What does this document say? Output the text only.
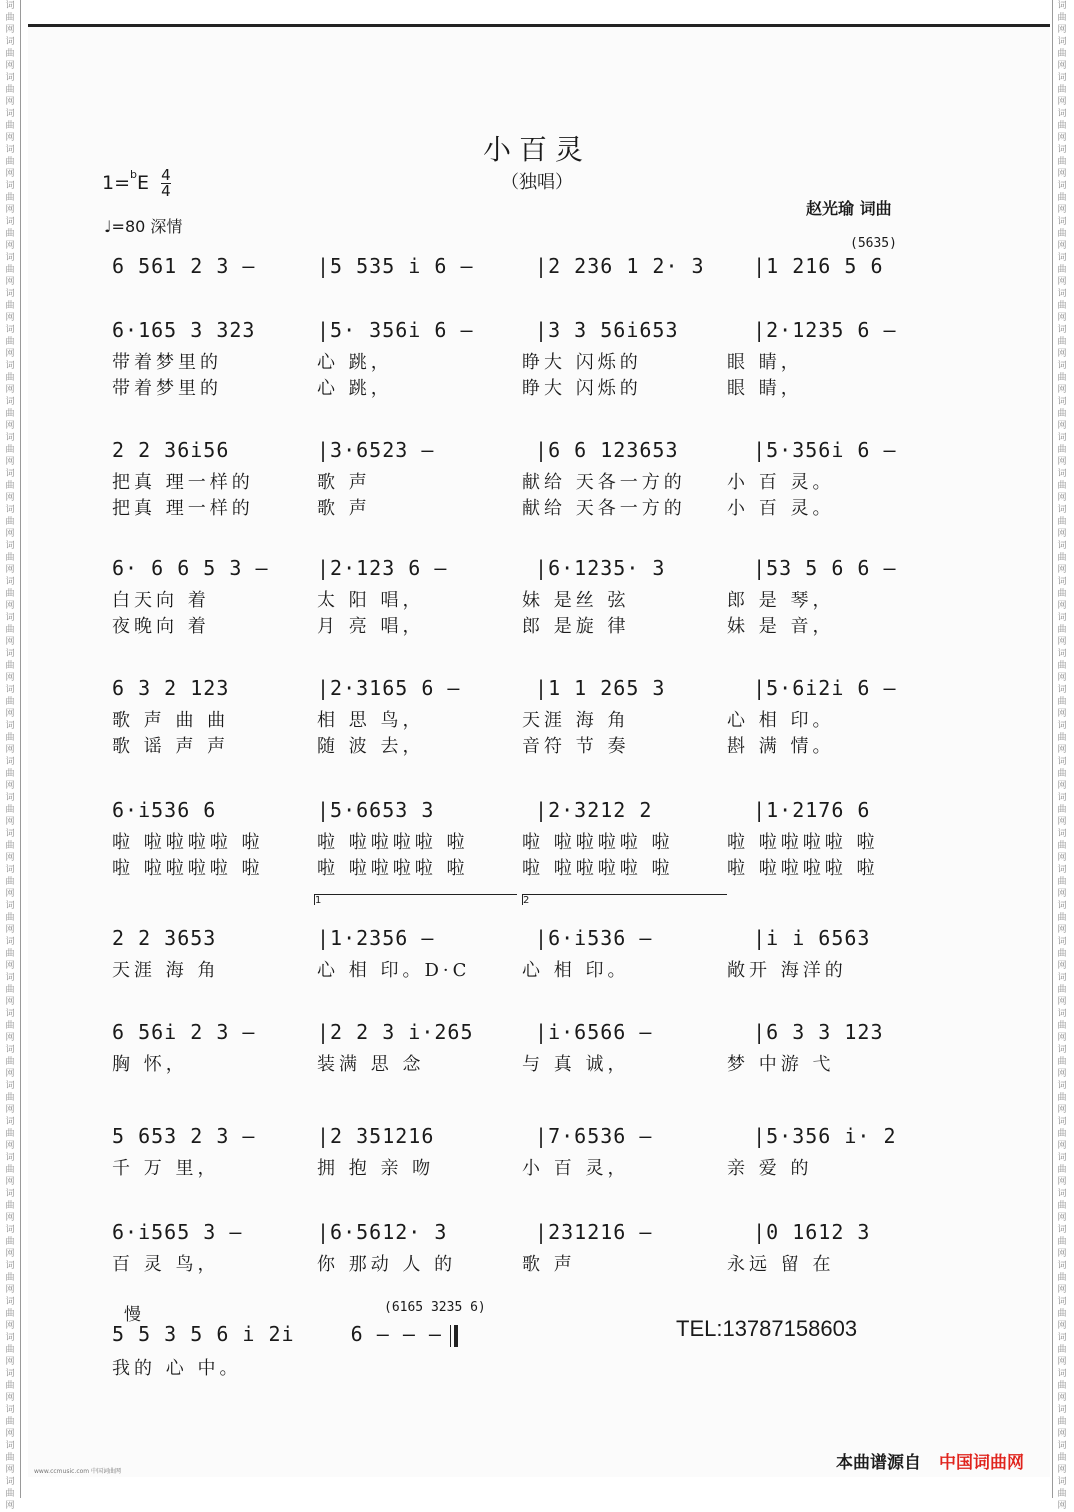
词曲网词曲网词曲网词曲网词曲网词曲网词曲网词曲网词曲网词曲网词曲网词曲网词曲网词曲网词曲网词曲网词曲网词曲网词曲网词曲网词曲网词曲网词曲网词曲网词曲网词曲网词曲网词曲网词曲网词曲网词曲网词曲网词曲网词曲网词曲网词曲网词曲网词曲网词曲网词曲网词曲网词曲网
词曲网词曲网词曲网词曲网词曲网词曲网词曲网词曲网词曲网词曲网词曲网词曲网词曲网词曲网词曲网词曲网词曲网词曲网词曲网词曲网词曲网词曲网词曲网词曲网词曲网词曲网词曲网词曲网词曲网词曲网词曲网词曲网词曲网词曲网词曲网词曲网词曲网词曲网词曲网词曲网词曲网词曲网
小百灵
（独唱）
$1=^bE \frac{4}{4}$
赵光瑜 词曲
♩=80 深情
6 561 2 3 —	|5 535 i 6 —	|2 236 1 2· 3 |1 216 5 6
(5635)
6·165 3 323	|5· 356i 6 —	|3 3 56i653	|2·1235 6 —
带着梦里的	心 跳，	睁大 闪烁的	眼 睛，
带着梦里的	心 跳，	睁大 闪烁的	眼 睛，
2 2 36i56	|3·6523 —	|6 6 123653	|5·356i 6 —
把真 理一样的	歌 声	献给 天各一方的 小 百 灵。
把真 理一样的	歌 声	献给 天各一方的 小 百 灵。
6· 6 6 5 3 — |2·123 6 —	|6·1235· 3	|53 5 6 6 —
白天向 着	太 阳 唱，	妹 是丝 弦	郎 是 琴，
夜晚向 着	月 亮 唱，	郎 是旋 律	妹 是 音，
6 3 2 123	|2·3165 6 —	|1 1 265 3	|5·6i2i 6 —
歌 声 曲 曲	相 思 鸟，	天涯 海 角	心 相 印。
歌 谣 声 声	随 波 去，	音符 节 奏	斟 满 情。
6·i536 6	|5·6653 3	|2·3212 2	|1·2176 6
啦 啦啦啦啦 啦	啦 啦啦啦啦 啦	啦 啦啦啦啦 啦	啦 啦啦啦啦 啦
啦 啦啦啦啦 啦	啦 啦啦啦啦 啦	啦 啦啦啦啦 啦	啦 啦啦啦啦 啦
2 2 3653	|1·2356 —	|6·i536 —	|i i 6563
天涯 海 角	心 相 印。D·C	心 相 印。	敞开 海洋的
6 56i 2 3 —	|2 2 3 i·265	|i·6566 —	|6 3 3 123
胸 怀，	装满 思 念	与 真 诚，	梦 中游 弋
5 653 2 3 —	|2 351216	|7·6536 —	|5·356 i· 2
千 万 里，	拥 抱 亲 吻	小 百 灵，	亲 爱 的
6·i565 3 —	|6·5612· 3	|231216 —	|0 1612 3
百 灵 鸟，	你 那动 人 的	歌 声	永远 留 在
1	2
慢	(6165 3235 6)
5 5 3 5 6 i 2i	6 — — —
我的 心 中。
TEL:13787158603
www.ccmusic.com 中国词曲网	本曲谱源自 中国词曲网
